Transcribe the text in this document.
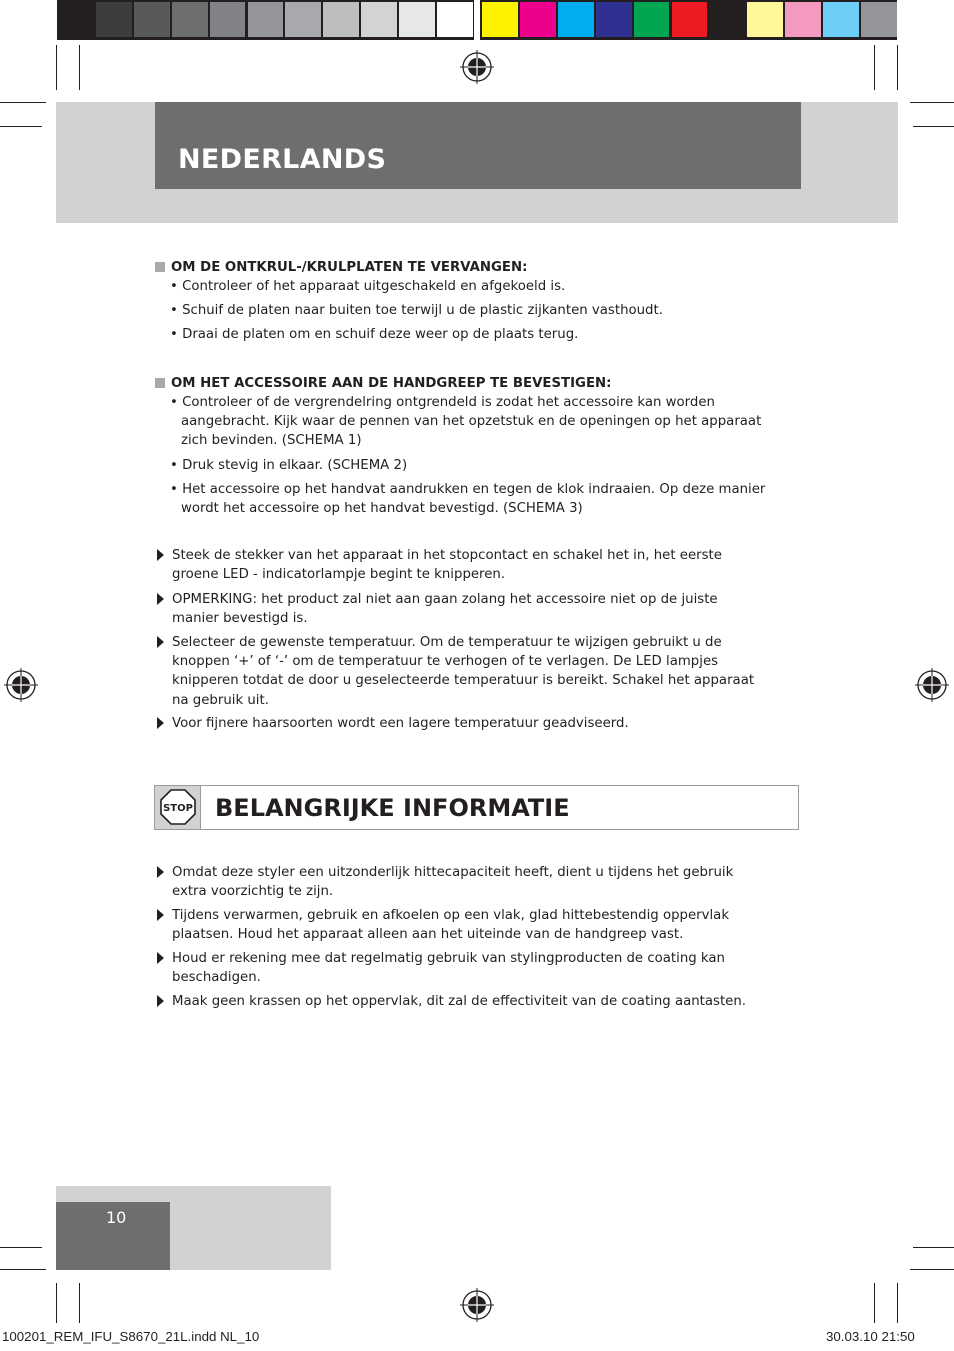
NEDERLANDS
OM DE ONTKRUL-/KRULPLATEN TE VERVANGEN:
• Controleer of het apparaat uitgeschakeld en afgekoeld is.
• Schuif de platen naar buiten toe terwijl u de plastic zijkanten vasthoudt.
• Draai de platen om en schuif deze weer op de plaats terug.
OM HET ACCESSOIRE AAN DE HANDGREEP TE BEVESTIGEN:
• Controleer of de vergrendelring ontgrendeld is zodat het accessoire kan worden
aangebracht. Kijk waar de pennen van het opzetstuk en de openingen op het apparaat
zich bevinden. (SCHEMA 1)
• Druk stevig in elkaar. (SCHEMA 2)
• Het accessoire op het handvat aandrukken en tegen de klok indraaien. Op deze manier
wordt het accessoire op het handvat bevestigd. (SCHEMA 3)
Steek de stekker van het apparaat in het stopcontact en schakel het in, het eerste
groene LED - indicatorlampje begint te knipperen.
OPMERKING: het product zal niet aan gaan zolang het accessoire niet op de juiste
manier bevestigd is.
Selecteer de gewenste temperatuur. Om de temperatuur te wijzigen gebruikt u de
knoppen ‘+’ of ‘-’ om de temperatuur te verhogen of te verlagen. De LED lampjes
knipperen totdat de door u geselecteerde temperatuur is bereikt. Schakel het apparaat
na gebruik uit.
Voor fijnere haarsoorten wordt een lagere temperatuur geadviseerd.
STOP BELANGRIJKE INFORMATIE
Omdat deze styler een uitzonderlijk hittecapaciteit heeft, dient u tijdens het gebruik
extra voorzichtig te zijn.
Tijdens verwarmen, gebruik en afkoelen op een vlak, glad hittebestendig oppervlak
plaatsen. Houd het apparaat alleen aan het uiteinde van de handgreep vast.
Houd er rekening mee dat regelmatig gebruik van stylingproducten de coating kan
beschadigen.
Maak geen krassen op het oppervlak, dit zal de effectiviteit van de coating aantasten.
10
100201_REM_IFU_S8670_21L.indd NL_10	30.03.10 21:50
